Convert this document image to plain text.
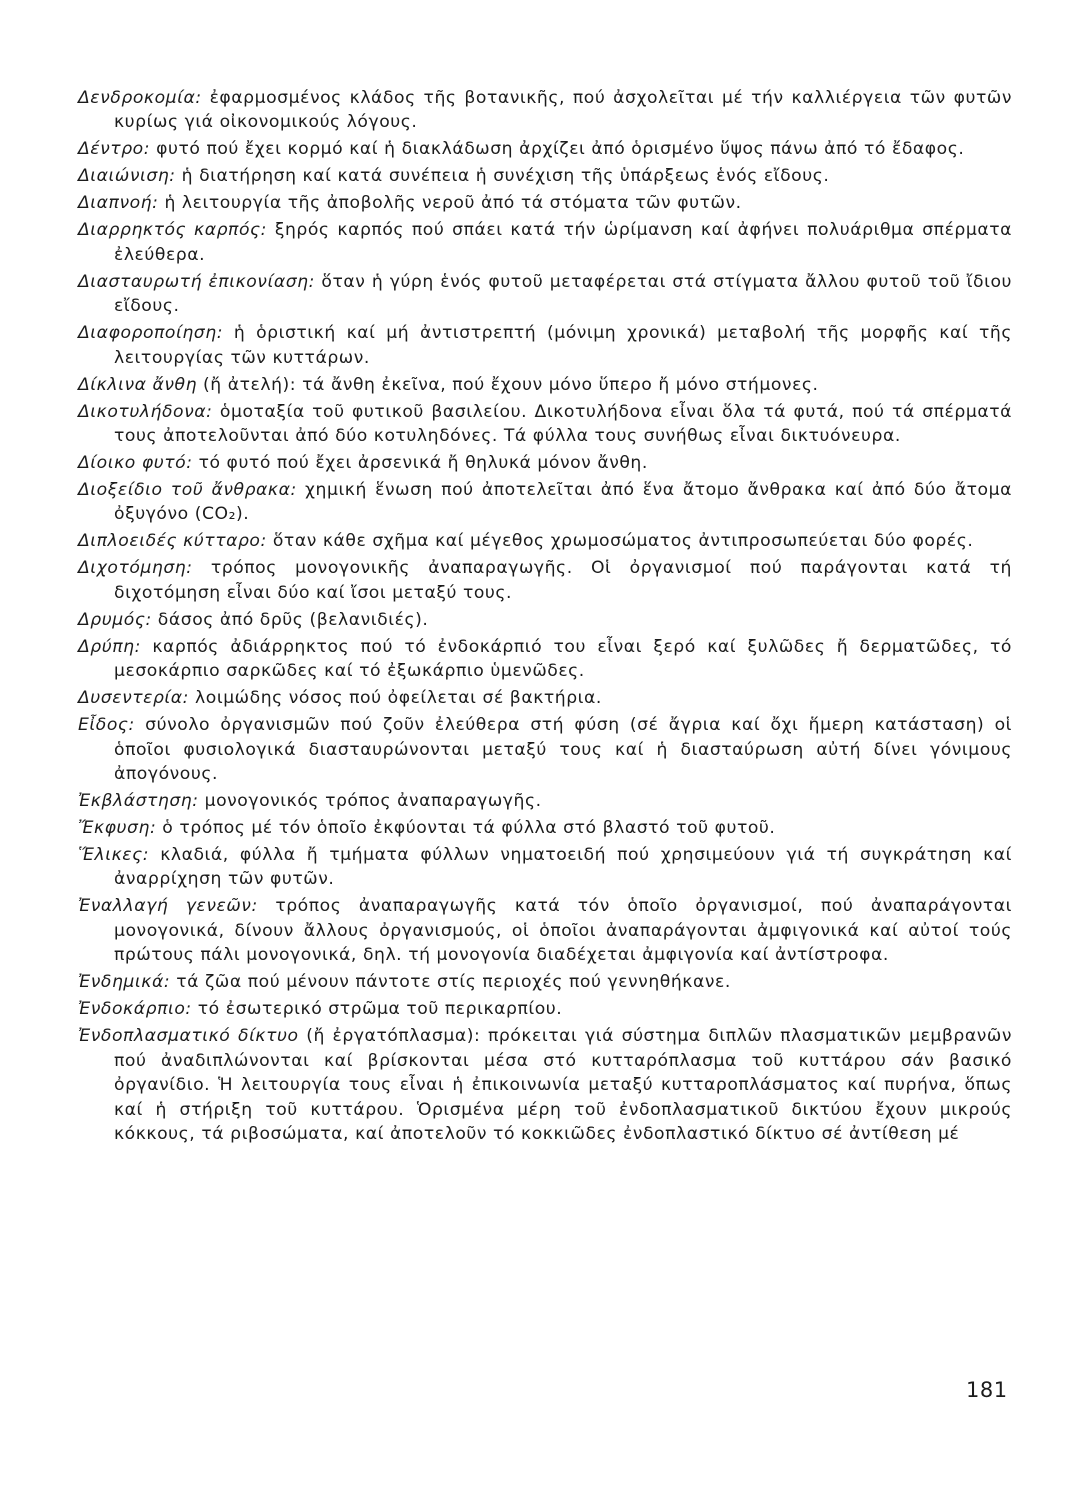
Δενδροκομία: ἐφαρμοσμένος κλάδος τῆς βοτανικῆς, πού ἀσχολεῖται μέ τήν καλλιέργεια τῶν φυτῶν κυρίως γιά οἰκονομικούς λόγους.

Δέντρο: φυτό πού ἔχει κορμό καί ἡ διακλάδωση ἀρχίζει ἀπό ὁρισμένο ὕψος πάνω ἀπό τό ἔδαφος.

Διαιώνιση: ἡ διατήρηση καί κατά συνέπεια ἡ συνέχιση τῆς ὑπάρξεως ἑνός εἴδους.

Διαπνοή: ἡ λειτουργία τῆς ἀποβολῆς νεροῦ ἀπό τά στόματα τῶν φυτῶν.

Διαρρηκτός καρπός: ξηρός καρπός πού σπάει κατά τήν ὡρίμανση καί ἀφήνει πολυάριθμα σπέρματα ἐλεύθερα.

Διασταυρωτή ἐπικονίαση: ὅταν ἡ γύρη ἑνός φυτοῦ μεταφέρεται στά στίγματα ἄλλου φυτοῦ τοῦ ἴδιου εἴδους.

Διαφοροποίηση: ἡ ὁριστική καί μή ἀντιστρεπτή (μόνιμη χρονικά) μεταβολή τῆς μορφῆς καί τῆς λειτουργίας τῶν κυττάρων.

Δίκλινα ἄνθη (ἤ ἀτελή): τά ἄνθη ἐκεῖνα, πού ἔχουν μόνο ὕπερο ἤ μόνο στήμονες.

Δικοτυλήδονα: ὁμοταξία τοῦ φυτικοῦ βασιλείου. Δικοτυλήδονα εἶναι ὅλα τά φυτά, πού τά σπέρματά τους ἀποτελοῦνται ἀπό δύο κοτυληδόνες. Τά φύλλα τους συνήθως εἶναι δικτυόνευρα.

Δίοικο φυτό: τό φυτό πού ἔχει ἀρσενικά ἤ θηλυκά μόνον ἄνθη.

Διοξείδιο τοῦ ἄνθρακα: χημική ἕνωση πού ἀποτελεῖται ἀπό ἕνα ἄτομο ἄνθρακα καί ἀπό δύο ἄτομα ὀξυγόνο (CO₂).

Διπλοειδές κύτταρο: ὅταν κάθε σχῆμα καί μέγεθος χρωμοσώματος ἀντιπροσωπεύεται δύο φορές.

Διχοτόμηση: τρόπος μονογονικῆς ἀναπαραγωγῆς. Οἱ ὀργανισμοί πού παράγονται κατά τή διχοτόμηση εἶναι δύο καί ἴσοι μεταξύ τους.

Δρυμός: δάσος ἀπό δρῦς (βελανιδιές).

Δρύπη: καρπός ἀδιάρρηκτος πού τό ἐνδοκάρπιό του εἶναι ξερό καί ξυλῶδες ἤ δερματῶδες, τό μεσοκάρπιο σαρκῶδες καί τό ἐξωκάρπιο ὑμενῶδες.

Δυσεντερία: λοιμώδης νόσος πού ὀφείλεται σέ βακτήρια.

Εἶδος: σύνολο ὀργανισμῶν πού ζοῦν ἐλεύθερα στή φύση (σέ ἄγρια καί ὄχι ἥμερη κατάσταση) οἱ ὁποῖοι φυσιολογικά διασταυρώνονται μεταξύ τους καί ἡ διασταύρωση αὐτή δίνει γόνιμους ἀπογόνους.

Ἐκβλάστηση: μονογονικός τρόπος ἀναπαραγωγῆς.

Ἔκφυση: ὁ τρόπος μέ τόν ὁποῖο ἐκφύονται τά φύλλα στό βλαστό τοῦ φυτοῦ.

Ἕλικες: κλαδιά, φύλλα ἤ τμήματα φύλλων νηματοειδή πού χρησιμεύουν γιά τή συγκράτηση καί ἀναρρίχηση τῶν φυτῶν.

Ἐναλλαγή γενεῶν: τρόπος ἀναπαραγωγῆς κατά τόν ὁποῖο ὀργανισμοί, πού ἀναπαράγονται μονογονικά, δίνουν ἄλλους ὀργανισμούς, οἱ ὁποῖοι ἀναπαράγονται ἀμφιγονικά καί αὐτοί τούς πρώτους πάλι μονογονικά, δηλ. τή μονογονία διαδέχεται ἀμφιγονία καί ἀντίστροφα.

Ἐνδημικά: τά ζῶα πού μένουν πάντοτε στίς περιοχές πού γεννηθήκανε.

Ἐνδοκάρπιο: τό ἐσωτερικό στρῶμα τοῦ περικαρπίου.

Ἐνδοπλασματικό δίκτυο (ἤ ἐργατόπλασμα): πρόκειται γιά σύστημα διπλῶν πλασματικῶν μεμβρανῶν πού ἀναδιπλώνονται καί βρίσκονται μέσα στό κυτταρόπλασμα τοῦ κυττάρου σάν βασικό ὀργανίδιο. Ἡ λειτουργία τους εἶναι ἡ ἐπικοινωνία μεταξύ κυτταροπλάσματος καί πυρήνα, ὅπως καί ἡ στήριξη τοῦ κυττάρου. Ὁρισμένα μέρη τοῦ ἐνδοπλασματικοῦ δικτύου ἔχουν μικρούς κόκκους, τά ριβοσώματα, καί ἀποτελοῦν τό κοκκιῶδες ἐνδοπλαστικό δίκτυο σέ ἀντίθεση μέ

181
